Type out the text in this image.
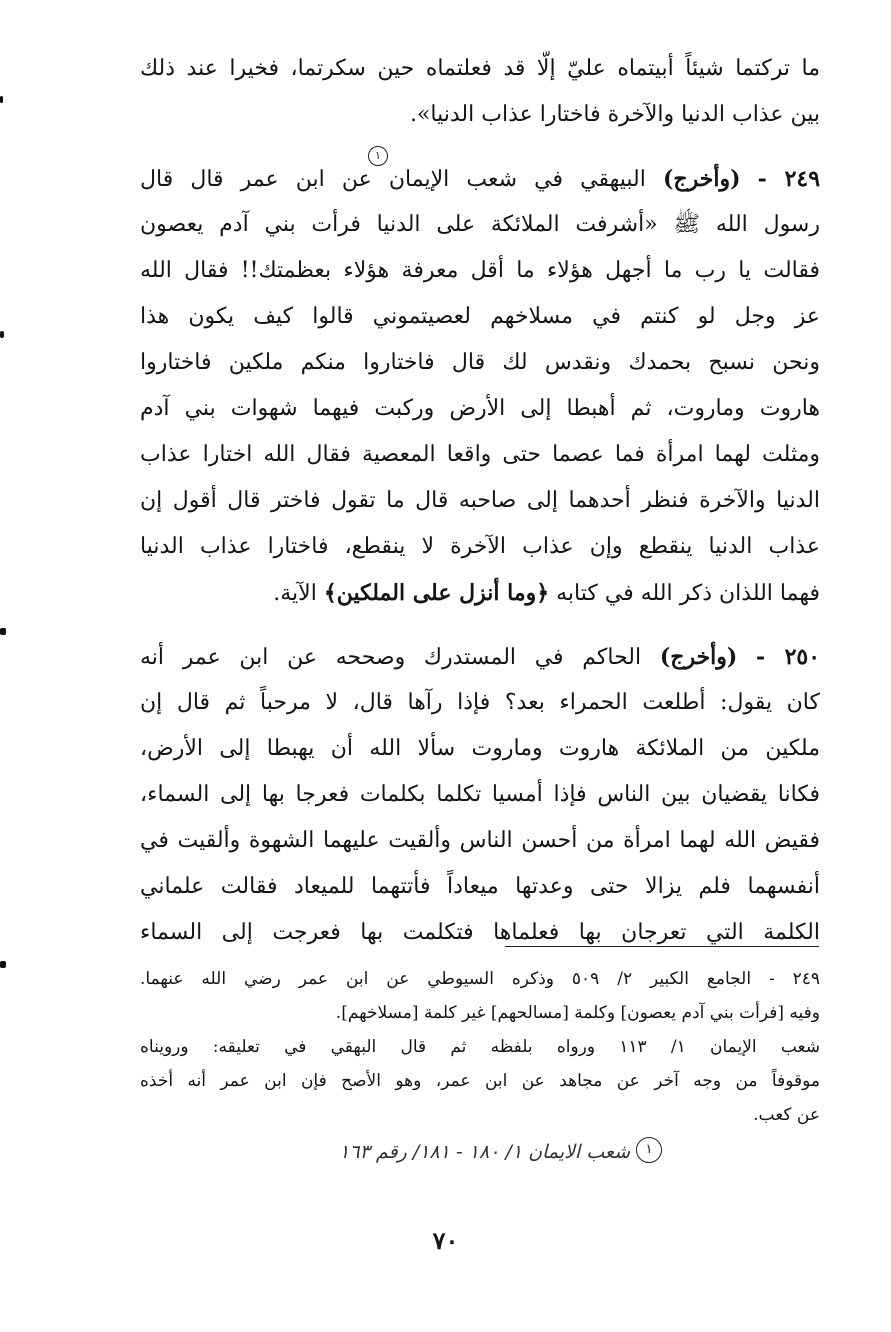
ما تركتما شيئاً أبيتماه عليّ إلّا قد فعلتماه حين سكرتما، فخيرا عند ذلك
بين عذاب الدنيا والآخرة فاختارا عذاب الدنيا».
٢٤٩ - (وأخرج) البيهقي في شعب الإيمان عن ابن عمر قال قال
رسول الله ﷺ «أشرفت الملائكة على الدنيا فرأت بني آدم يعصون
فقالت يا رب ما أجهل هؤلاء ما أقل معرفة هؤلاء بعظمتك!! فقال الله
عز وجل لو كنتم في مسلاخهم لعصيتموني قالوا كيف يكون هذا
ونحن نسبح بحمدك ونقدس لك قال فاختاروا منكم ملكين فاختاروا
هاروت وماروت، ثم أهبطا إلى الأرض وركبت فيهما شهوات بني آدم
ومثلت لهما امرأة فما عصما حتى واقعا المعصية فقال الله اختارا عذاب
الدنيا والآخرة فنظر أحدهما إلى صاحبه قال ما تقول فاختر قال أقول إن
عذاب الدنيا ينقطع وإن عذاب الآخرة لا ينقطع، فاختارا عذاب الدنيا
فهما اللذان ذكر الله في كتابه ﴿وما أنزل على الملكين﴾ الآية.
٢٥٠ - (وأخرج) الحاكم في المستدرك وصححه عن ابن عمر أنه
كان يقول: أطلعت الحمراء بعد؟ فإذا رآها قال، لا مرحباً ثم قال إن
ملكين من الملائكة هاروت وماروت سألا الله أن يهبطا إلى الأرض،
فكانا يقضيان بين الناس فإذا أمسيا تكلما بكلمات فعرجا بها إلى السماء،
فقيض الله لهما امرأة من أحسن الناس وألقيت عليهما الشهوة وألقيت في
أنفسهما فلم يزالا حتى وعدتها ميعاداً فأتتهما للميعاد فقالت علماني
الكلمة التي تعرجان بها فعلماها فتكلمت بها فعرجت إلى السماء
١
٢٤٩ - الجامع الكبير ٢/ ٥٠٩ وذكره السيوطي عن ابن عمر رضي الله عنهما.
وفيه [فرأت بني آدم يعصون] وكلمة [مسالحهم] غير كلمة [مسلاخهم].
شعب الإيمان ١/ ١١٣ ورواه بلفظه ثم قال البهقي في تعليقه: ورويناه
موقوفاً من وجه آخر عن مجاهد عن ابن عمر، وهو الأصح فإن ابن عمر أنه أخذه
عن كعب.
١
شعب الايمان ١/ ١٨٠ - ١٨١/ رقم ١٦٣
٧٠
